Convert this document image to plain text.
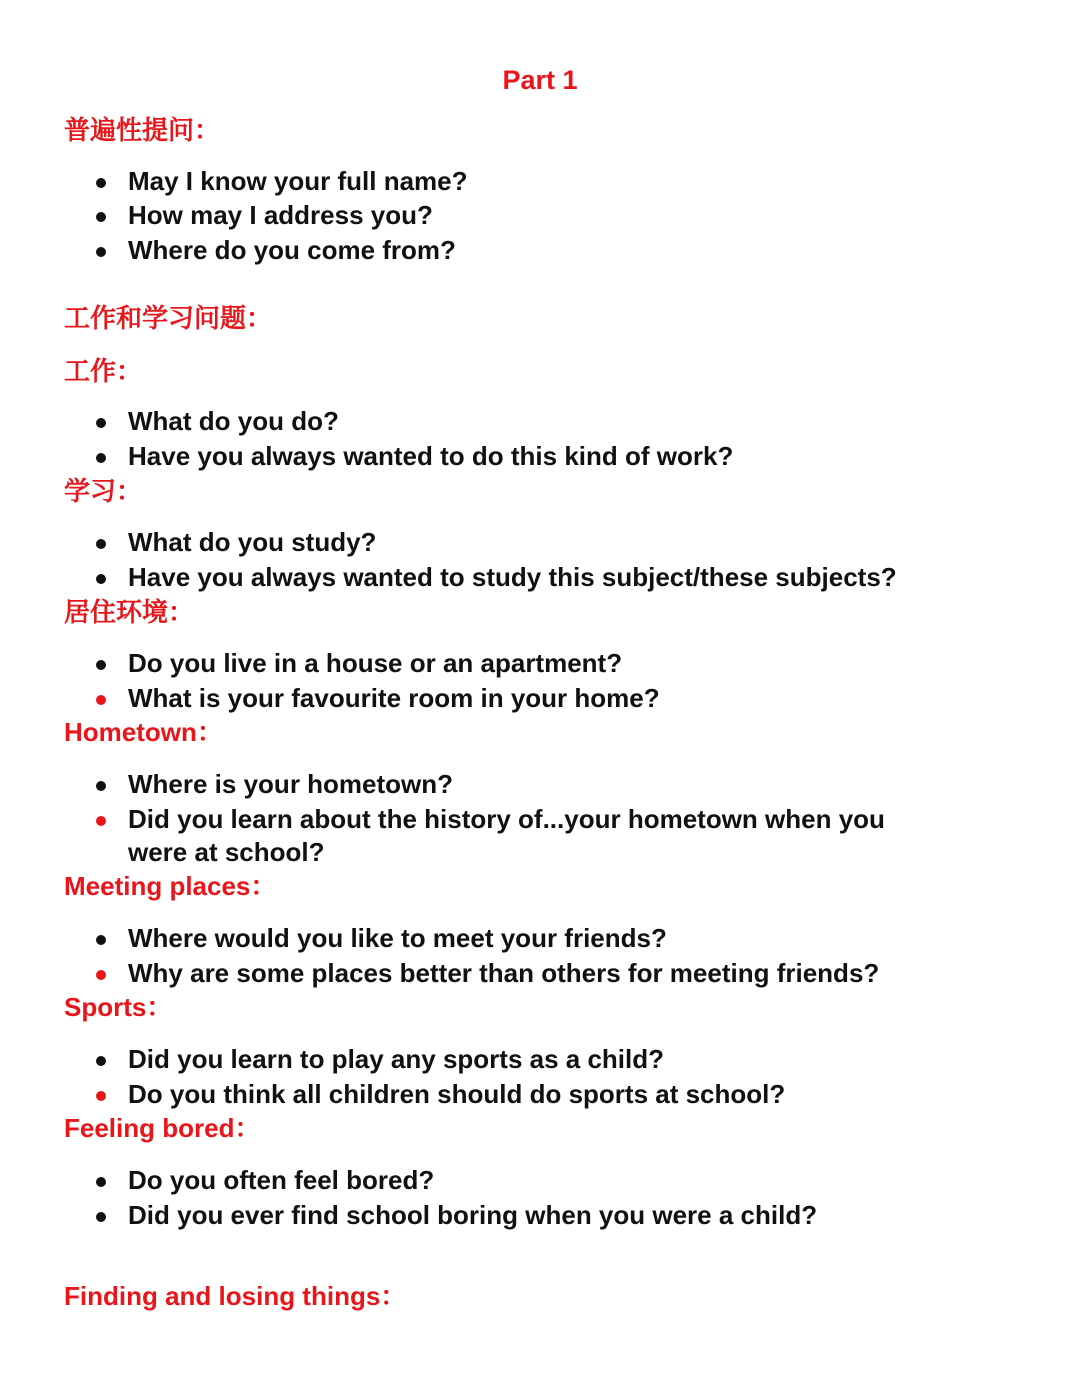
Part 1
普遍性提问：
May I know your full name?
How may I address you?
Where do you come from?
工作和学习问题：
工作：
What do you do?
Have you always wanted to do this kind of work?
学习：
What do you study?
Have you always wanted to study this subject/these subjects?
居住环境：
Do you live in a house or an apartment?
What is your favourite room in your home?
Hometown：
Where is your hometown?
Did you learn about the history of...your hometown when you
were at school?
Meeting places：
Where would you like to meet your friends?
Why are some places better than others for meeting friends?
Sports：
Did you learn to play any sports as a child?
Do you think all children should do sports at school?
Feeling bored：
Do you often feel bored?
Did you ever find school boring when you were a child?
Finding and losing things：
